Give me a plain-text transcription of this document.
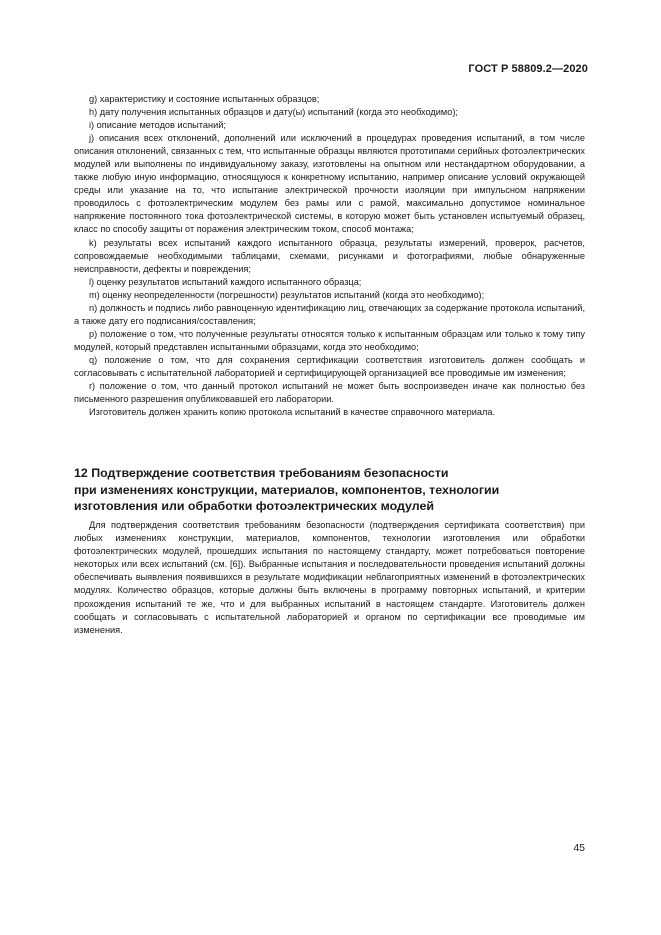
ГОСТ Р 58809.2—2020

g) характеристику и состояние испытанных образцов;

h) дату получения испытанных образцов и дату(ы) испытаний (когда это необходимо);

i) описание методов испытаний;

j) описания всех отклонений, дополнений или исключений в процедурах проведения испытаний, в том числе описания отклонений, связанных с тем, что испытанные образцы являются прототипами серийных фотоэлектрических модулей или выполнены по индивидуальному заказу, изготовлены на опытном или нестандартном оборудовании, а также любую иную информацию, относящуюся к конкретному испытанию, например описание условий окружающей среды или указание на то, что испытание электрической прочности изоляции при импульсном напряжении проводилось с фотоэлектрическим модулем без рамы или с рамой, максимально допустимое номинальное напряжение постоянного тока фотоэлектрической системы, в которую может быть установлен испытуемый образец, класс по способу защиты от поражения электрическим током, способ монтажа;

k) результаты всех испытаний каждого испытанного образца, результаты измерений, проверок, расчетов, сопровождаемые необходимыми таблицами, схемами, рисунками и фотографиями, любые обнаруженные неисправности, дефекты и повреждения;

l) оценку результатов испытаний каждого испытанного образца;

m) оценку неопределенности (погрешности) результатов испытаний (когда это необходимо);

n) должность и подпись либо равноценную идентификацию лиц, отвечающих за содержание протокола испытаний, а также дату его подписания/составления;

p) положение о том, что полученные результаты относятся только к испытанным образцам или только к тому типу модулей, который представлен испытанными образцами, когда это необходимо;

q) положение о том, что для сохранения сертификации соответствия изготовитель должен сообщать и согласовывать с испытательной лабораторией и сертифицирующей организацией все проводимые им изменения;

r) положение о том, что данный протокол испытаний не может быть воспроизведен иначе как полностью без письменного разрешения опубликовавшей его лаборатории.

Изготовитель должен хранить копию протокола испытаний в качестве справочного материала.

12 Подтверждение соответствия требованиям безопасности
при изменениях конструкции, материалов, компонентов, технологии
изготовления или обработки фотоэлектрических модулей

Для подтверждения соответствия требованиям безопасности (подтверждения сертификата соответствия) при любых изменениях конструкции, материалов, компонентов, технологии изготовления или обработки фотоэлектрических модулей, прошедших испытания по настоящему стандарту, может потребоваться повторение некоторых или всех испытаний (см. [6]). Выбранные испытания и последовательности проведения испытаний должны обеспечивать выявления появившихся в результате модификации неблагоприятных изменений в фотоэлектрических модулях. Количество образцов, которые должны быть включены в программу повторных испытаний, и критерии прохождения испытаний те же, что и для выбранных испытаний в настоящем стандарте. Изготовитель должен сообщать и согласовывать с испытательной лабораторией и органом по сертификации все проводимые им изменения.

45
